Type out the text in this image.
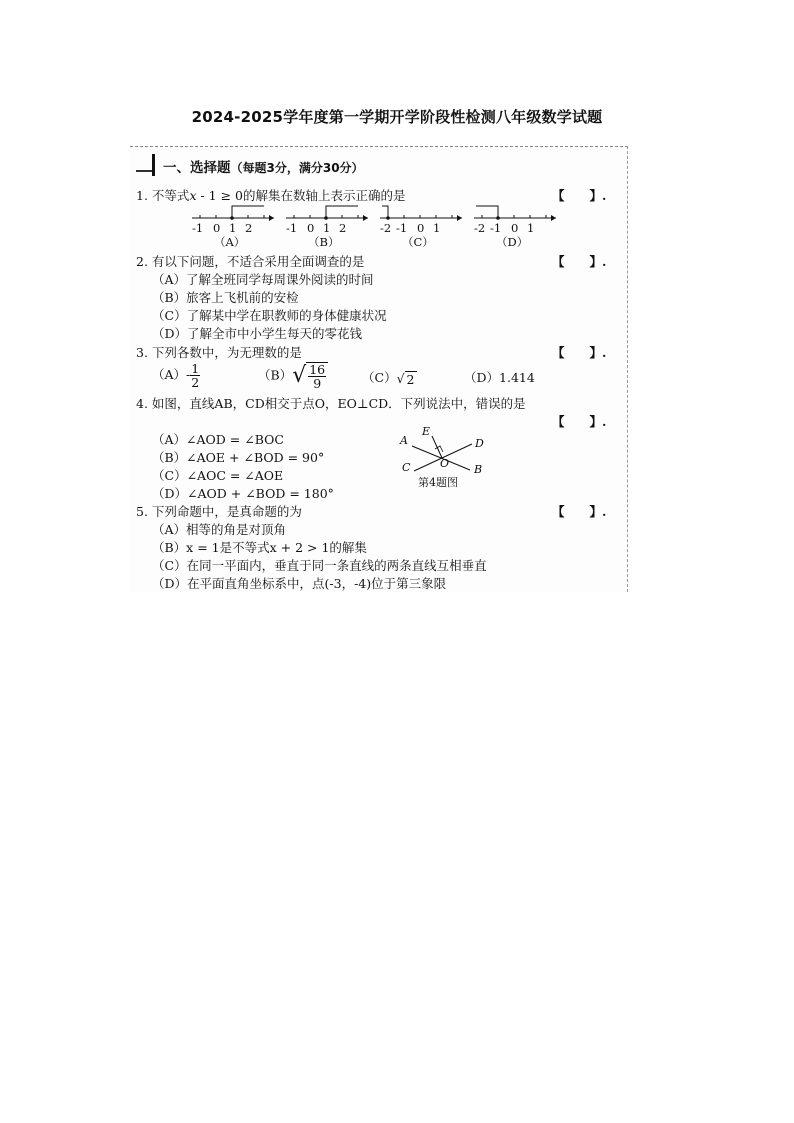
2024-2025学年度第一学期开学阶段性检测八年级数学试题
一、选择题（每题3分，满分30分）
1. 不等式x - 1 ≥ 0的解集在数轴上表示正确的是	【　　】.
2. 有以下问题，不适合采用全面调查的是	【　　】.
（A）了解全班同学每周课外阅读的时间
（B）旅客上飞机前的安检
（C）了解某中学在职教师的身体健康状况
（D）了解全市中小学生每天的零花钱
3. 下列各数中，为无理数的是	【　　】.
$(A)- \frac{1}{2}$	（B） √ $\frac{16}{9}$	（C） √ 2	（D）1.414
4. 如图，直线AB，CD相交于点O，EO⊥CD．下列说法中，错误的是
【　　】.
（A）∠AOD = ∠BOC
（B）∠AOE + ∠BOD = 90°
（C）∠AOC = ∠AOE
（D）∠AOD + ∠BOD = 180°
A
B
C
D
E
O
第4题图
5. 下列命题中，是真命题的为	【　　】.
（A）相等的角是对顶角
（B）x = 1是不等式x + 2 > 1的解集
（C）在同一平面内，垂直于同一条直线的两条直线互相垂直
（D）在平面直角坐标系中，点(-3，-4)位于第三象限
-1 0 1 2
（A）
-1 0 1 2
（B）
-2 -1 0 1
（C）
-2 -1 0 1
（D）
